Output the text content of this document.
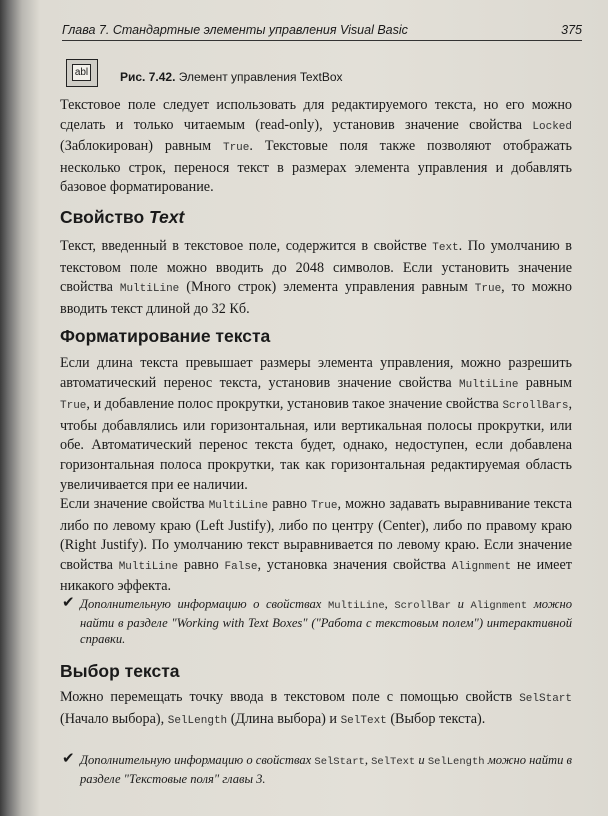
Глава 7. Стандартные элементы управления Visual Basic	375
abl	Рис. 7.42. Элемент управления TextBox

Текстовое поле следует использовать для редактируемого текста, но его можно сделать и только читаемым (read-only), установив значение свойства Locked (Заблокирован) равным True. Текстовые поля также позволяют отображать несколько строк, перенося текст в размерах элемента управления и добавлять базовое форматирование.

Свойство Text

Текст, введенный в текстовое поле, содержится в свойстве Text. По умолчанию в текстовом поле можно вводить до 2048 символов. Если установить значение свойства MultiLine (Много строк) элемента управления равным True, то можно вводить текст длиной до 32 Кб.

Форматирование текста

Если длина текста превышает размеры элемента управления, можно разрешить автоматический перенос текста, установив значение свойства MultiLine равным True, и добавление полос прокрутки, установив такое значение свойства ScrollBars, чтобы добавлялись или горизонтальная, или вертикальная полосы прокрутки, или обе. Автоматический перенос текста будет, однако, недоступен, если добавлена горизонтальная полоса прокрутки, так как горизонтальная редактируемая область увеличивается при ее наличии.

Если значение свойства MultiLine равно True, можно задавать выравнивание текста либо по левому краю (Left Justify), либо по центру (Center), либо по правому краю (Right Justify). По умолчанию текст выравнивается по левому краю. Если значение свойства MultiLine равно False, установка значения свойства Alignment не имеет никакого эффекта.

✔ Дополнительную информацию о свойствах MultiLine, ScrollBar и Alignment можно найти в разделе "Working with Text Boxes" ("Работа с текстовым полем") интерактивной справки.
Выбор текста

Можно перемещать точку ввода в текстовом поле с помощью свойств SelStart (Начало выбора), SelLength (Длина выбора) и SelText (Выбор текста).

✔ Дополнительную информацию о свойствах SelStart, SelText и SelLength можно найти в разделе "Текстовые поля" главы 3.
